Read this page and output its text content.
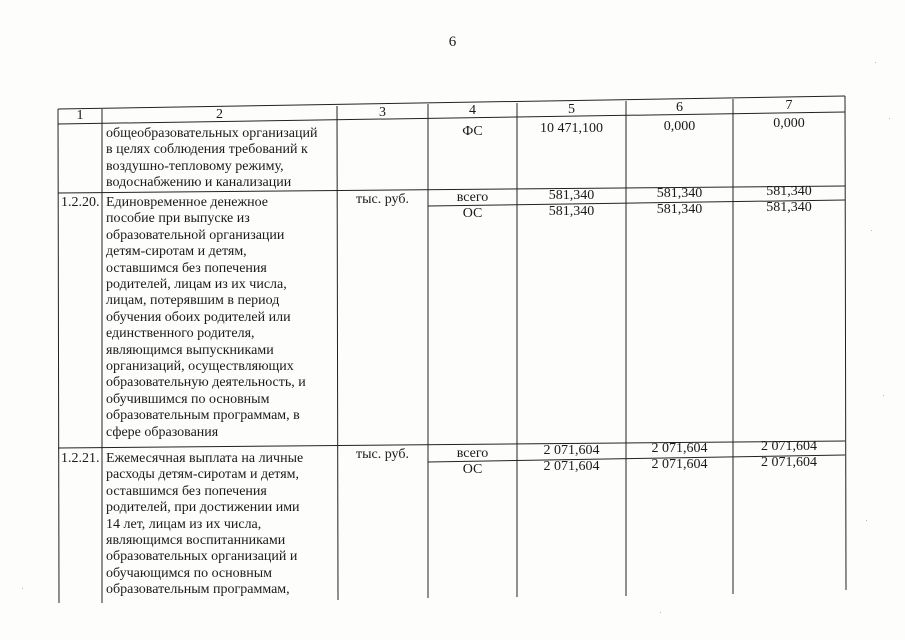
6
1	2	3	4	5	6	7
общеобразовательных организаций
в целях соблюдения требований к
воздушно-тепловому режиму,
водоснабжению и канализации
ФС	10 471,100	0,000	0,000
1.2.20. Единовременное денежное
пособие при выпуске из
образовательной организации
детям-сиротам и детям,
оставшимся без попечения
родителей, лицам из их числа,
лицам, потерявшим в период
обучения обоих родителей или
единственного родителя,
являющимся выпускниками
организаций, осуществляющих
образовательную деятельность, и
обучившимся по основным
образовательным программам, в
сфере образования
тыс. руб.	всего	581,340	581,340	581,340
ОС	581,340	581,340	581,340
1.2.21. Ежемесячная выплата на личные
расходы детям-сиротам и детям,
оставшимся без попечения
родителей, при достижении ими
14 лет, лицам из их числа,
являющимся воспитанниками
образовательных организаций и
обучающимся по основным
образовательным программам,
тыс. руб.	всего	2 071,604	2 071,604	2 071,604
ОС	2 071,604	2 071,604	2 071,604
